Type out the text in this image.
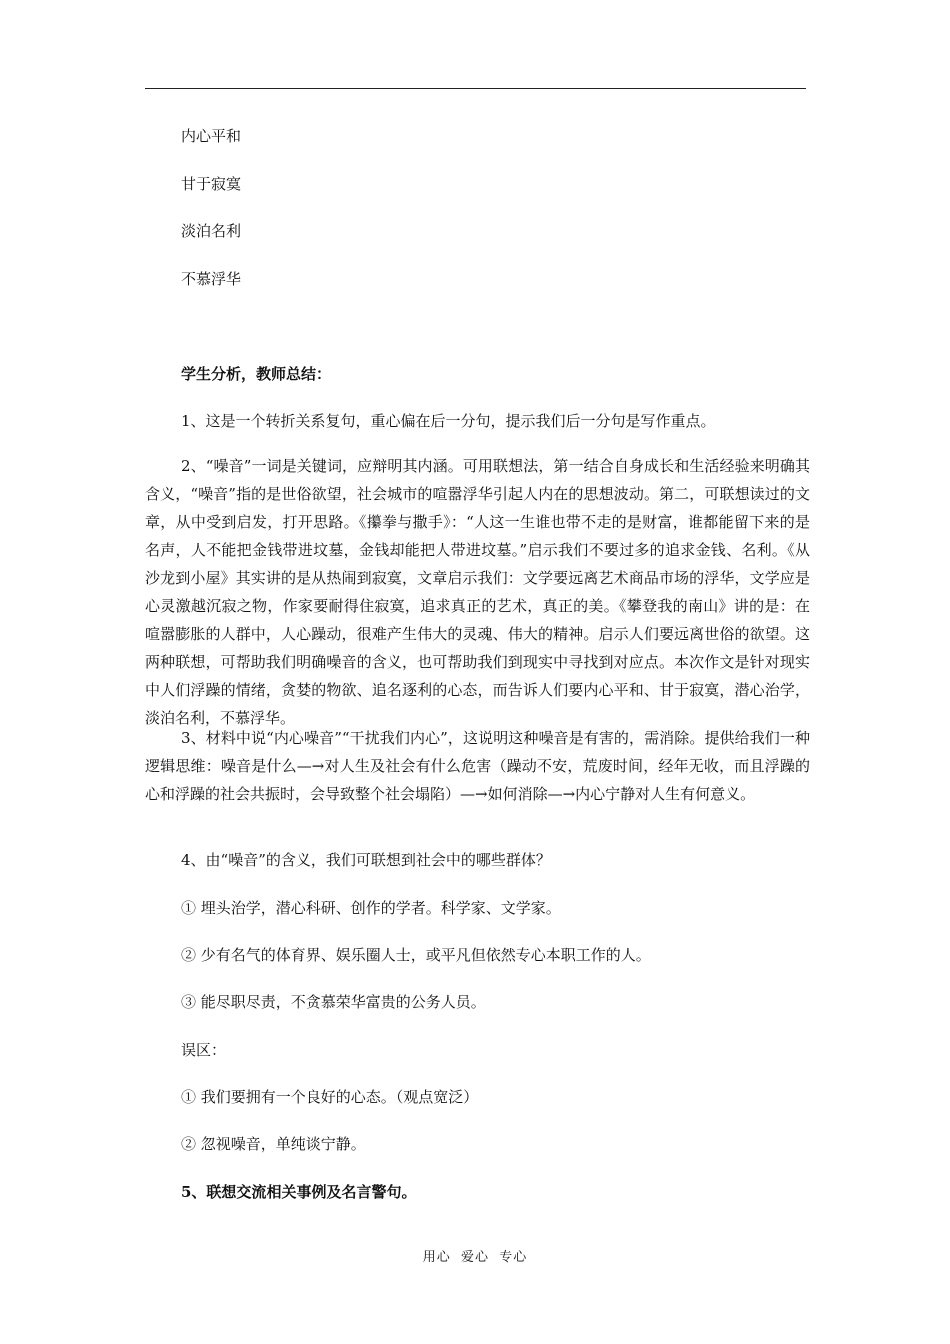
内心平和
甘于寂寞
淡泊名利
不慕浮华
学生分析，教师总结：
1、这是一个转折关系复句，重心偏在后一分句，提示我们后一分句是写作重点。
2、“噪音”一词是关键词，应辩明其内涵。可用联想法，第一结合自身成长和生活经验来明确其含义，“噪音”指的是世俗欲望，社会城市的喧嚣浮华引起人内在的思想波动。第二，可联想读过的文章，从中受到启发，打开思路。《攥拳与撒手》：“人这一生谁也带不走的是财富，谁都能留下来的是名声，人不能把金钱带进坟墓，金钱却能把人带进坟墓。”启示我们不要过多的追求金钱、名利。《从沙龙到小屋》其实讲的是从热闹到寂寞，文章启示我们：文学要远离艺术商品市场的浮华，文学应是心灵激越沉寂之物，作家要耐得住寂寞，追求真正的艺术，真正的美。《攀登我的南山》讲的是：在喧嚣膨胀的人群中，人心躁动，很难产生伟大的灵魂、伟大的精神。启示人们要远离世俗的欲望。这两种联想，可帮助我们明确噪音的含义，也可帮助我们到现实中寻找到对应点。本次作文是针对现实中人们浮躁的情绪，贪婪的物欲、追名逐利的心态，而告诉人们要内心平和、甘于寂寞，潜心治学，淡泊名利，不慕浮华。
3、材料中说“内心噪音”“干扰我们内心”，这说明这种噪音是有害的，需消除。提供给我们一种逻辑思维：噪音是什么—→对人生及社会有什么危害（躁动不安，荒废时间，经年无收，而且浮躁的心和浮躁的社会共振时，会导致整个社会塌陷）—→如何消除—→内心宁静对人生有何意义。
4、由“噪音”的含义，我们可联想到社会中的哪些群体？
① 埋头治学，潜心科研、创作的学者。科学家、文学家。
② 少有名气的体育界、娱乐圈人士，或平凡但依然专心本职工作的人。
③ 能尽职尽责，不贪慕荣华富贵的公务人员。
误区：
① 我们要拥有一个良好的心态。（观点宽泛）
② 忽视噪音，单纯谈宁静。
5、联想交流相关事例及名言警句。
用心  爱心  专心
